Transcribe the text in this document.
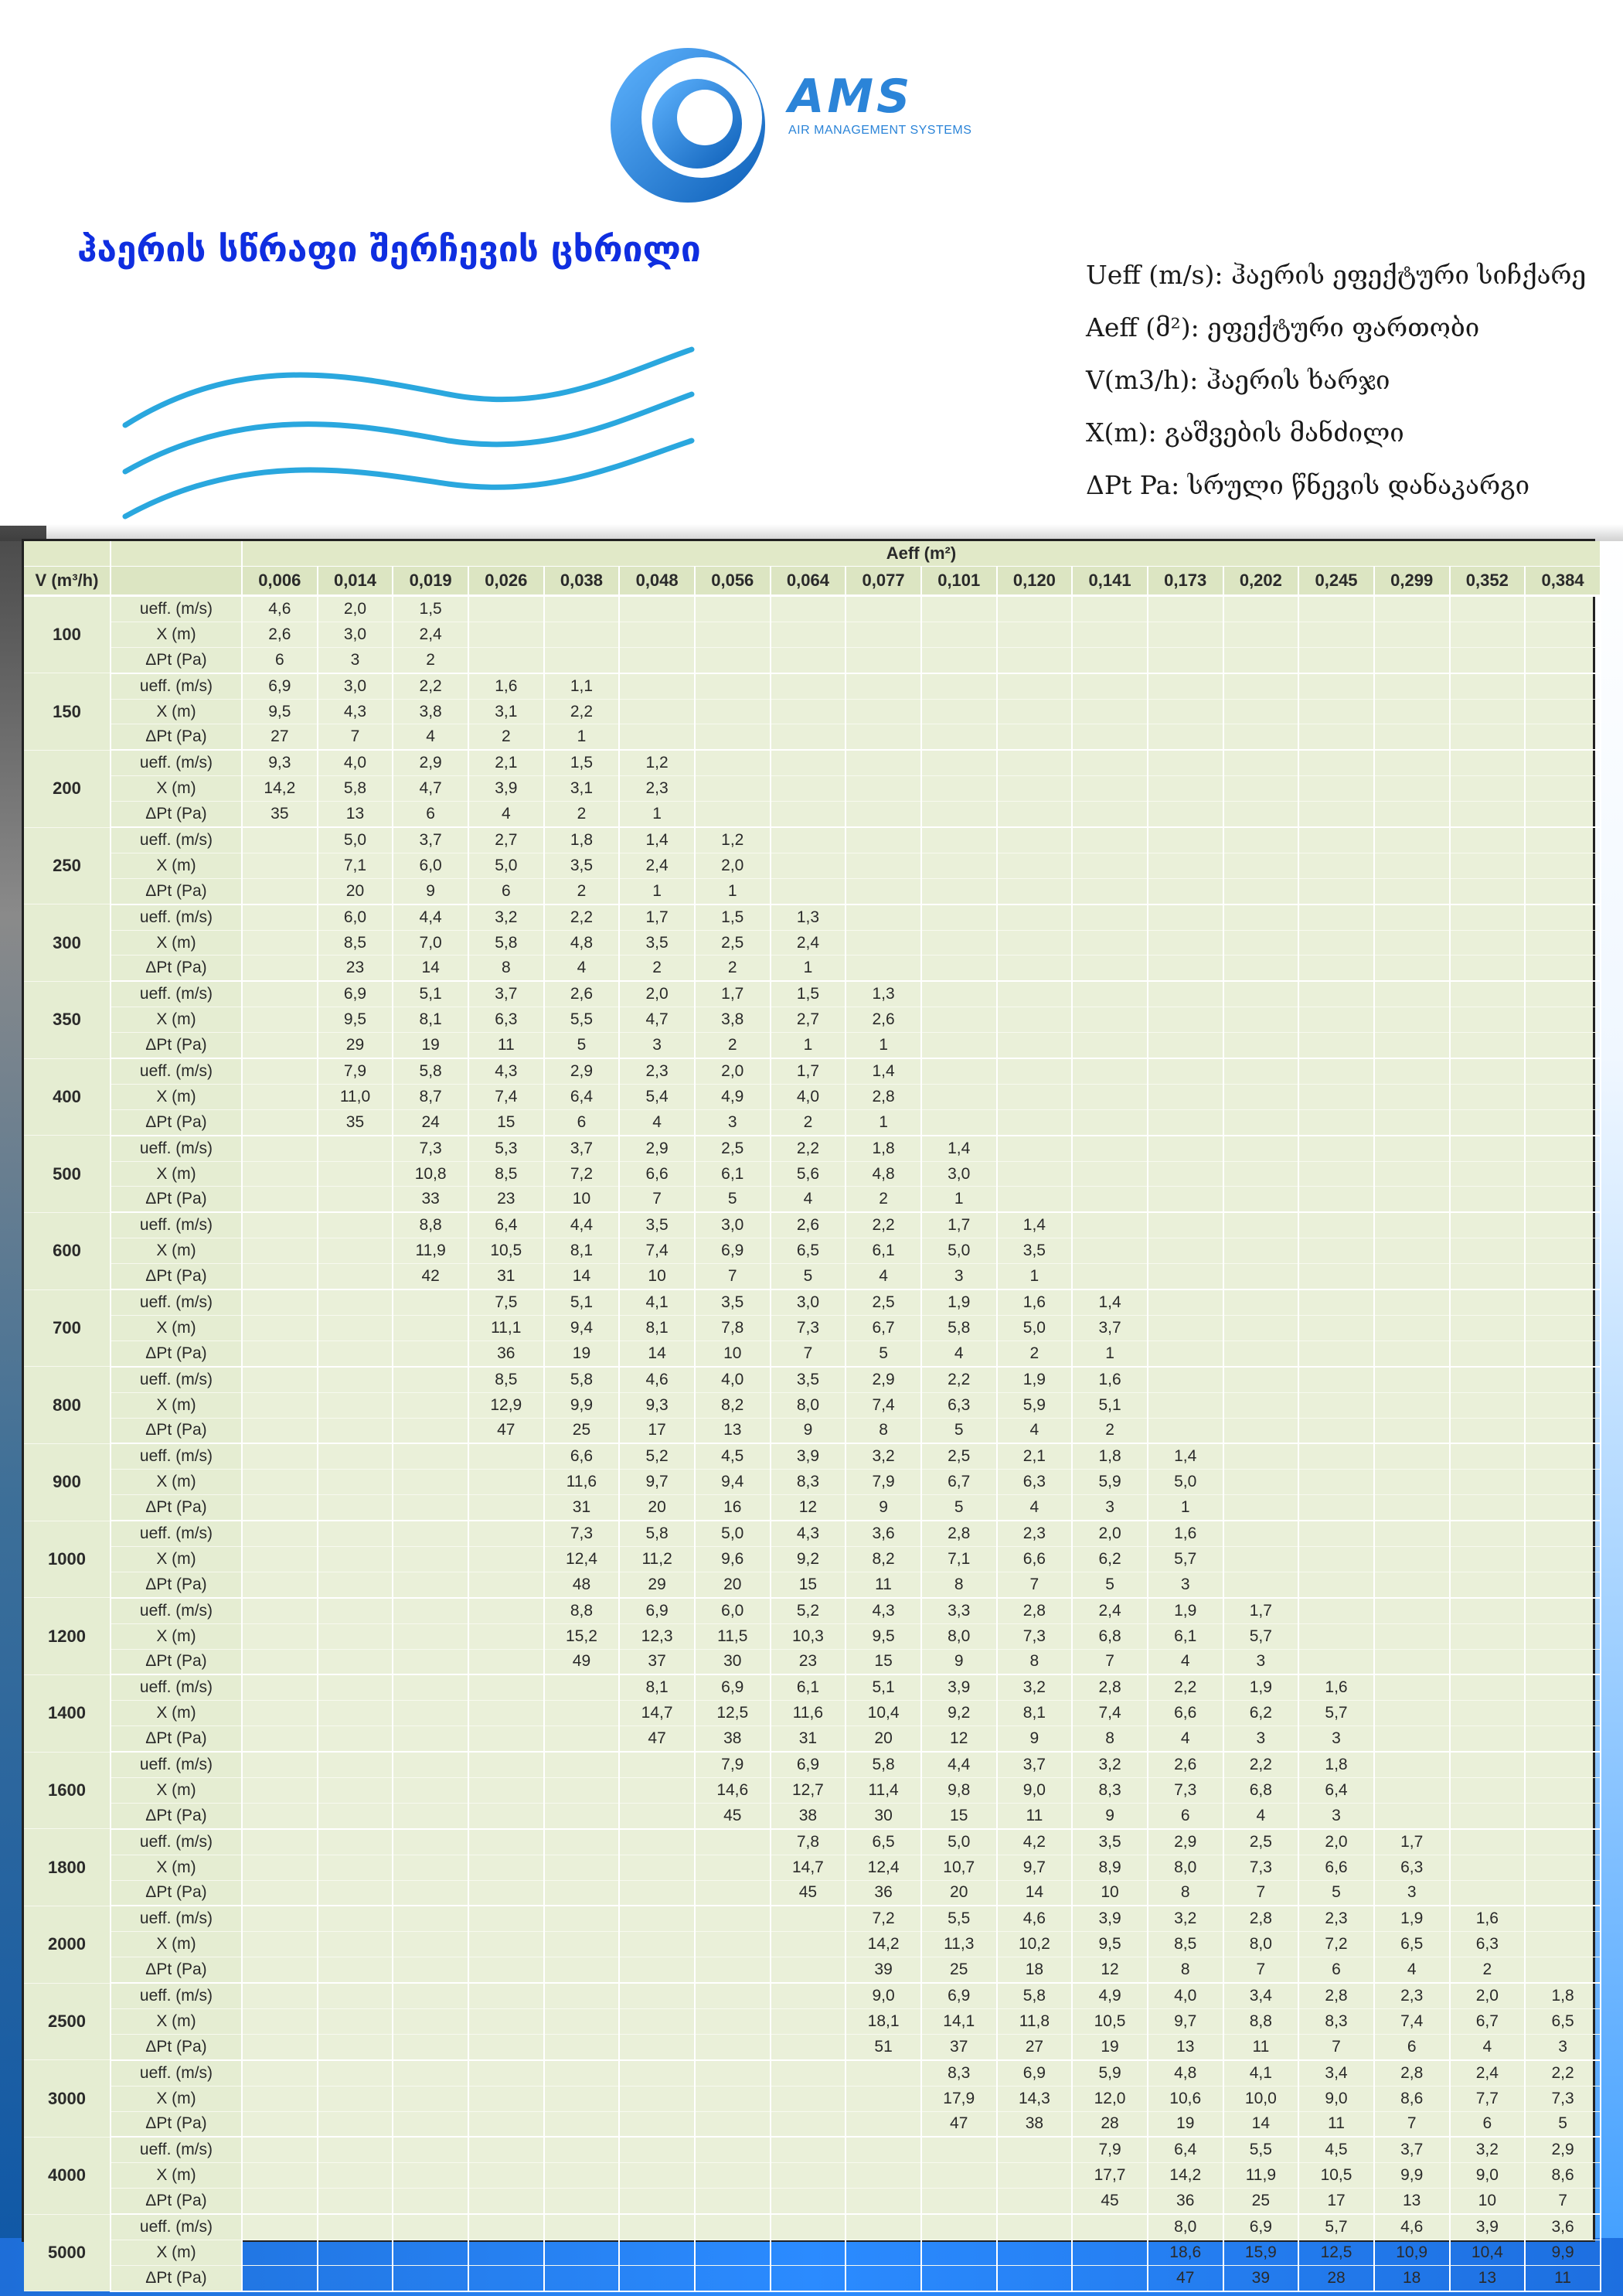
AMS
AIR MANAGEMENT SYSTEMS
ჰაერის სწრაფი შერჩევის ცხრილი
Ueff (m/s): ჰაერის ეფექტური სიჩქარე
Aeff (მ²): ეფექტური ფართობი
V(m3/h): ჰაერის ხარჯი
X(m): გაშვების მანძილი
ΔPt Pa: სრული წნევის დანაკარგი
		Aeff (m²)																	
V (m³/h)		0,006	0,014	0,019	0,026	0,038	0,048	0,056	0,064	0,077	0,101	0,120	0,141	0,173	0,202	0,245	0,299	0,352	0,384
100	ueff. (m/s)	4,6	2,0	1,5															
	X (m)	2,6	3,0	2,4															
	ΔPt (Pa)	6	3	2															
150	ueff. (m/s)	6,9	3,0	2,2	1,6	1,1													
	X (m)	9,5	4,3	3,8	3,1	2,2													
	ΔPt (Pa)	27	7	4	2	1													
200	ueff. (m/s)	9,3	4,0	2,9	2,1	1,5	1,2												
	X (m)	14,2	5,8	4,7	3,9	3,1	2,3												
	ΔPt (Pa)	35	13	6	4	2	1												
250	ueff. (m/s)		5,0	3,7	2,7	1,8	1,4	1,2											
	X (m)		7,1	6,0	5,0	3,5	2,4	2,0											
	ΔPt (Pa)		20	9	6	2	1	1											
300	ueff. (m/s)		6,0	4,4	3,2	2,2	1,7	1,5	1,3										
	X (m)		8,5	7,0	5,8	4,8	3,5	2,5	2,4										
	ΔPt (Pa)		23	14	8	4	2	2	1										
350	ueff. (m/s)		6,9	5,1	3,7	2,6	2,0	1,7	1,5	1,3									
	X (m)		9,5	8,1	6,3	5,5	4,7	3,8	2,7	2,6									
	ΔPt (Pa)		29	19	11	5	3	2	1	1									
400	ueff. (m/s)		7,9	5,8	4,3	2,9	2,3	2,0	1,7	1,4									
	X (m)		11,0	8,7	7,4	6,4	5,4	4,9	4,0	2,8									
	ΔPt (Pa)		35	24	15	6	4	3	2	1									
500	ueff. (m/s)			7,3	5,3	3,7	2,9	2,5	2,2	1,8	1,4								
	X (m)			10,8	8,5	7,2	6,6	6,1	5,6	4,8	3,0								
	ΔPt (Pa)			33	23	10	7	5	4	2	1								
600	ueff. (m/s)			8,8	6,4	4,4	3,5	3,0	2,6	2,2	1,7	1,4							
	X (m)			11,9	10,5	8,1	7,4	6,9	6,5	6,1	5,0	3,5							
	ΔPt (Pa)			42	31	14	10	7	5	4	3	1							
700	ueff. (m/s)				7,5	5,1	4,1	3,5	3,0	2,5	1,9	1,6	1,4						
	X (m)				11,1	9,4	8,1	7,8	7,3	6,7	5,8	5,0	3,7						
	ΔPt (Pa)				36	19	14	10	7	5	4	2	1						
800	ueff. (m/s)				8,5	5,8	4,6	4,0	3,5	2,9	2,2	1,9	1,6						
	X (m)				12,9	9,9	9,3	8,2	8,0	7,4	6,3	5,9	5,1						
	ΔPt (Pa)				47	25	17	13	9	8	5	4	2						
900	ueff. (m/s)					6,6	5,2	4,5	3,9	3,2	2,5	2,1	1,8	1,4					
	X (m)					11,6	9,7	9,4	8,3	7,9	6,7	6,3	5,9	5,0					
	ΔPt (Pa)					31	20	16	12	9	5	4	3	1					
1000	ueff. (m/s)					7,3	5,8	5,0	4,3	3,6	2,8	2,3	2,0	1,6					
	X (m)					12,4	11,2	9,6	9,2	8,2	7,1	6,6	6,2	5,7					
	ΔPt (Pa)					48	29	20	15	11	8	7	5	3					
1200	ueff. (m/s)					8,8	6,9	6,0	5,2	4,3	3,3	2,8	2,4	1,9	1,7				
	X (m)					15,2	12,3	11,5	10,3	9,5	8,0	7,3	6,8	6,1	5,7				
	ΔPt (Pa)					49	37	30	23	15	9	8	7	4	3				
1400	ueff. (m/s)						8,1	6,9	6,1	5,1	3,9	3,2	2,8	2,2	1,9	1,6			
	X (m)						14,7	12,5	11,6	10,4	9,2	8,1	7,4	6,6	6,2	5,7			
	ΔPt (Pa)						47	38	31	20	12	9	8	4	3	3			
1600	ueff. (m/s)							7,9	6,9	5,8	4,4	3,7	3,2	2,6	2,2	1,8			
	X (m)							14,6	12,7	11,4	9,8	9,0	8,3	7,3	6,8	6,4			
	ΔPt (Pa)							45	38	30	15	11	9	6	4	3			
1800	ueff. (m/s)								7,8	6,5	5,0	4,2	3,5	2,9	2,5	2,0	1,7		
	X (m)								14,7	12,4	10,7	9,7	8,9	8,0	7,3	6,6	6,3		
	ΔPt (Pa)								45	36	20	14	10	8	7	5	3		
2000	ueff. (m/s)									7,2	5,5	4,6	3,9	3,2	2,8	2,3	1,9	1,6	
	X (m)									14,2	11,3	10,2	9,5	8,5	8,0	7,2	6,5	6,3	
	ΔPt (Pa)									39	25	18	12	8	7	6	4	2	
2500	ueff. (m/s)									9,0	6,9	5,8	4,9	4,0	3,4	2,8	2,3	2,0	1,8
	X (m)									18,1	14,1	11,8	10,5	9,7	8,8	8,3	7,4	6,7	6,5
	ΔPt (Pa)									51	37	27	19	13	11	7	6	4	3
3000	ueff. (m/s)										8,3	6,9	5,9	4,8	4,1	3,4	2,8	2,4	2,2
	X (m)										17,9	14,3	12,0	10,6	10,0	9,0	8,6	7,7	7,3
	ΔPt (Pa)										47	38	28	19	14	11	7	6	5
4000	ueff. (m/s)												7,9	6,4	5,5	4,5	3,7	3,2	2,9
	X (m)												17,7	14,2	11,9	10,5	9,9	9,0	8,6
	ΔPt (Pa)												45	36	25	17	13	10	7
5000	ueff. (m/s)													8,0	6,9	5,7	4,6	3,9	3,6
	X (m)													18,6	15,9	12,5	10,9	10,4	9,9
	ΔPt (Pa)													47	39	28	18	13	11
